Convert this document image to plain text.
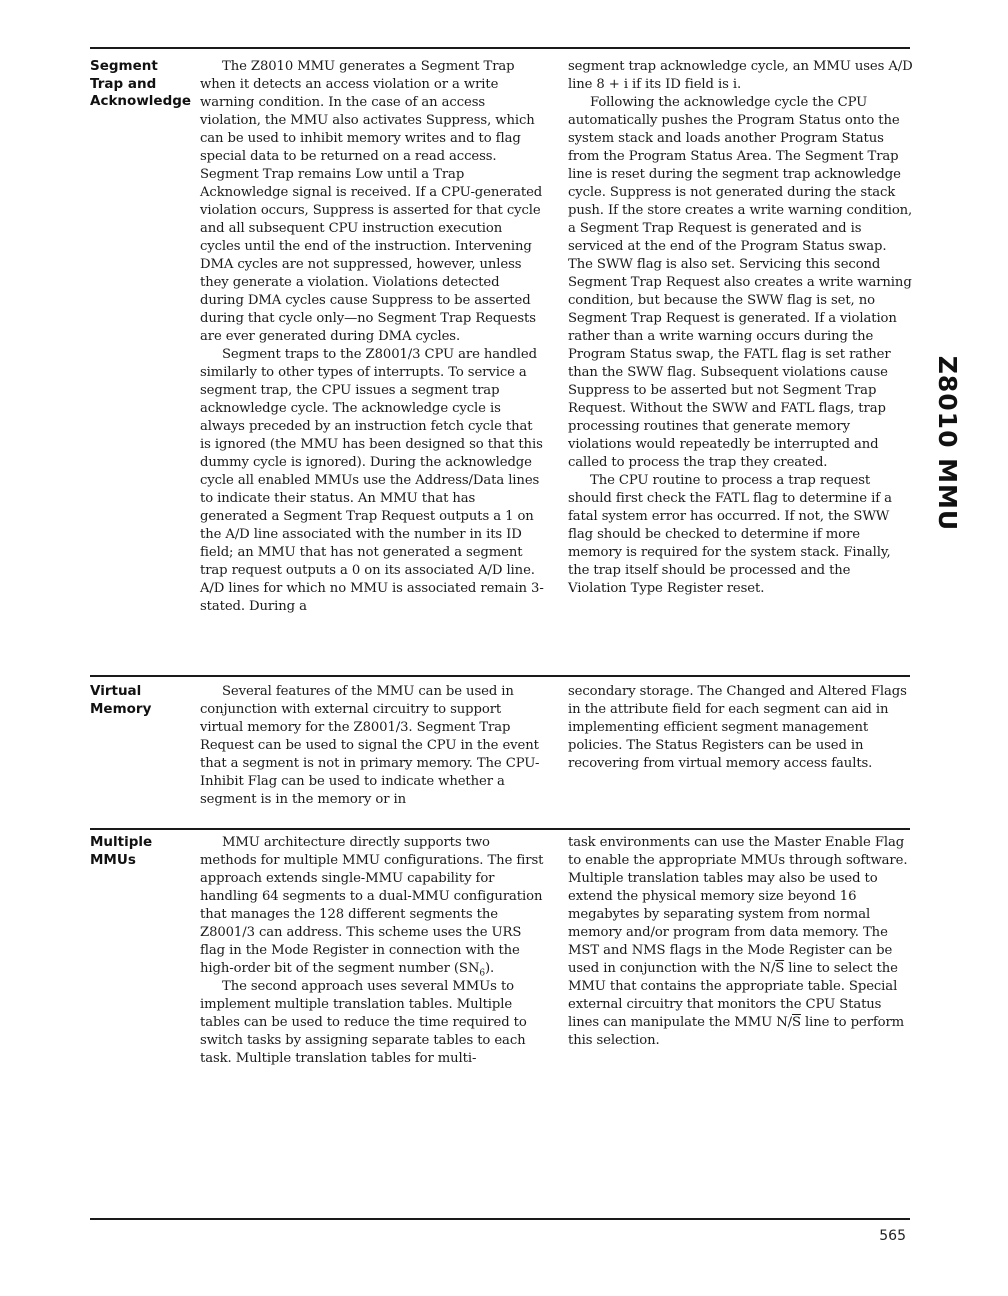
Segment
Trap and
Acknowledge

The Z8010 MMU generates a Segment Trap when it detects an access violation or a write warning condition. In the case of an access violation, the MMU also activates Suppress, which can be used to inhibit memory writes and to flag special data to be returned on a read access. Segment Trap remains Low until a Trap Acknowledge signal is received. If a CPU-generated violation occurs, Suppress is asserted for that cycle and all subsequent CPU instruction execution cycles until the end of the instruction. Intervening DMA cycles are not suppressed, however, unless they generate a violation. Violations detected during DMA cycles cause Suppress to be asserted during that cycle only—no Segment Trap Requests are ever generated during DMA cycles.

Segment traps to the Z8001/3 CPU are handled similarly to other types of interrupts. To service a segment trap, the CPU issues a segment trap acknowledge cycle. The acknowledge cycle is always preceded by an instruction fetch cycle that is ignored (the MMU has been designed so that this dummy cycle is ignored). During the acknowledge cycle all enabled MMUs use the Address/Data lines to indicate their status. An MMU that has generated a Segment Trap Request outputs a 1 on the A/D line associated with the number in its ID field; an MMU that has not generated a segment trap request outputs a 0 on its associated A/D line. A/D lines for which no MMU is associated remain 3-stated. During a

segment trap acknowledge cycle, an MMU uses A/D line 8 + i if its ID field is i.

Following the acknowledge cycle the CPU automatically pushes the Program Status onto the system stack and loads another Program Status from the Program Status Area. The Segment Trap line is reset during the segment trap acknowledge cycle. Suppress is not generated during the stack push. If the store creates a write warning condition, a Segment Trap Request is generated and is serviced at the end of the Program Status swap. The SWW flag is also set. Servicing this second Segment Trap Request also creates a write warning condition, but because the SWW flag is set, no Segment Trap Request is generated. If a violation rather than a write warning occurs during the Program Status swap, the FATL flag is set rather than the SWW flag. Subsequent violations cause Suppress to be asserted but not Segment Trap Request. Without the SWW and FATL flags, trap processing routines that generate memory violations would repeatedly be interrupted and called to process the trap they created.

The CPU routine to process a trap request should first check the FATL flag to determine if a fatal system error has occurred. If not, the SWW flag should be checked to determine if more memory is required for the system stack. Finally, the trap itself should be processed and the Violation Type Register reset.

Virtual
Memory

Several features of the MMU can be used in conjunction with external circuitry to support virtual memory for the Z8001/3. Segment Trap Request can be used to signal the CPU in the event that a segment is not in primary memory. The CPU-Inhibit Flag can be used to indicate whether a segment is in the memory or in

secondary storage. The Changed and Altered Flags in the attribute field for each segment can aid in implementing efficient segment management policies. The Status Registers can be used in recovering from virtual memory access faults.

Multiple
MMUs

MMU architecture directly supports two methods for multiple MMU configurations. The first approach extends single-MMU capability for handling 64 segments to a dual-MMU configuration that manages the 128 different segments the Z8001/3 can address. This scheme uses the URS flag in the Mode Register in connection with the high-order bit of the segment number $(SN_6)$.

The second approach uses several MMUs to implement multiple translation tables. Multiple tables can be used to reduce the time required to switch tasks by assigning separate tables to each task. Multiple translation tables for multi-

task environments can use the Master Enable Flag to enable the appropriate MMUs through software. Multiple translation tables may also be used to extend the physical memory size beyond 16 megabytes by separating system from normal memory and/or program from data memory. The MST and NMS flags in the Mode Register can be used in conjunction with the $N/\overline{S}$ line to select the MMU that contains the appropriate table. Special external circuitry that monitors the CPU Status lines can manipulate the MMU $N/\overline{S}$ line to perform this selection.

Z8010 MMU
565
